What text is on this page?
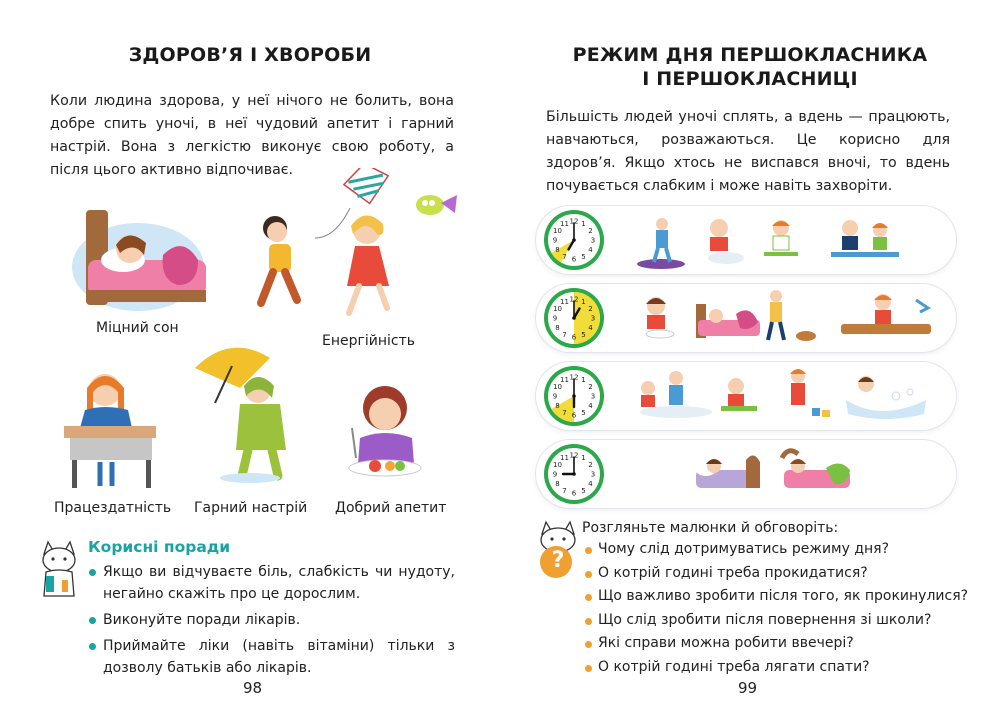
ЗДОРОВ’Я І ХВОРОБИ
Коли людина здорова, у неї нічого не болить, вона добре спить уночі, в неї чудовий апетит і гарний настрій. Вона з легкістю виконує свою роботу, а після цього активно відпочиває.
Міцний сон
Енергійність
Працездатність Гарний настрій Добрий апетит
Корисні поради
Якщо ви відчуваєте біль, слабкість чи нудоту, негайно скажіть про це дорослим.
Виконуйте поради лікарів.
Приймайте ліки (навіть вітаміни) тільки з дозволу батьків або лікарів.
98
РЕЖИМ ДНЯ ПЕРШОКЛАСНИКА
І ПЕРШОКЛАСНИЦІ
Більшість людей уночі сплять, а вдень — працюють, навчаються, розважаються. Це корисно для здоров’я. Якщо хтось не виспався вночі, то вдень почувається слабким і може навіть захворіти.
12 1
2
3
4
5
6
7
8
9
10
11
12 1
2
3
4
5
6
7
8
9
10
11
12 1
2
3
4
5
6
7
8
9
10
11
12 1
2
3
4
5
6
7
8
9
10
11
?
Розгляньте малюнки й обговоріть:
Чому слід дотримуватись режиму дня?
О котрій годині треба прокидатися?
Що важливо зробити після того, як прокинулися?
Що слід зробити після повернення зі школи?
Які справи можна робити ввечері?
О котрій годині треба лягати спати?
99
